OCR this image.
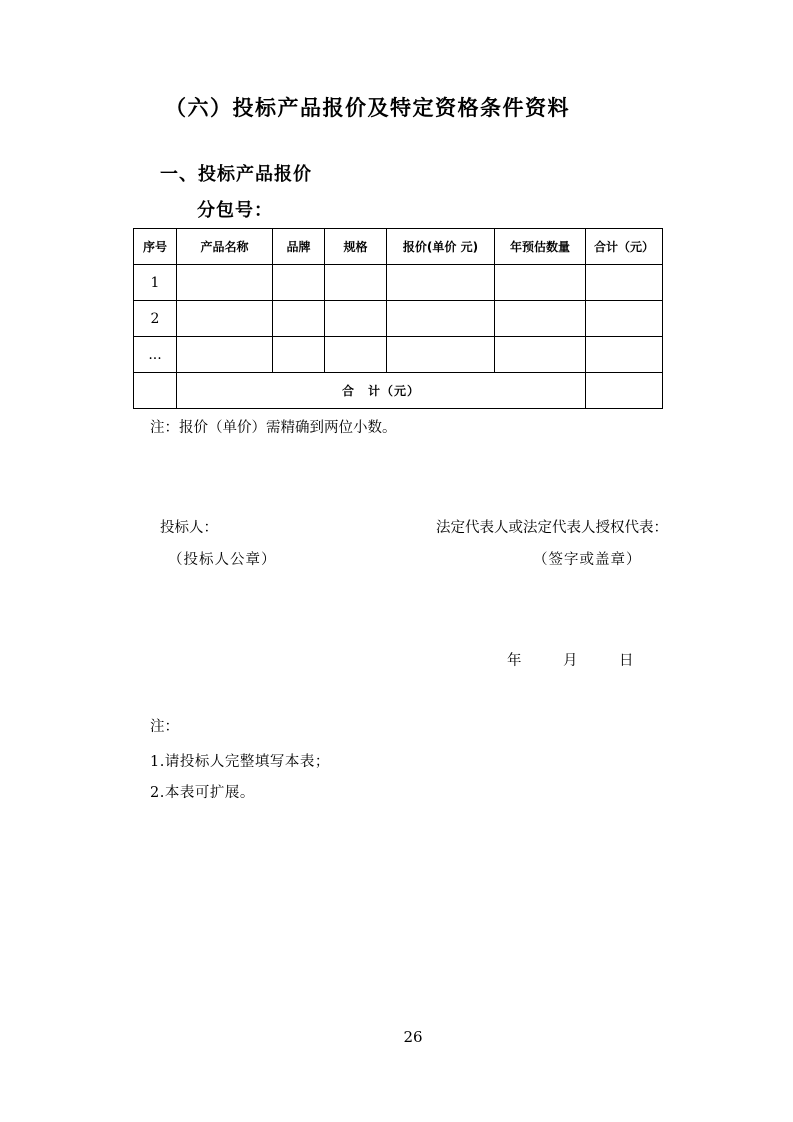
（六）投标产品报价及特定资格条件资料
一、投标产品报价
分包号：
序号	产品名称	品牌	规格	报价(单价 元)	年预估数量	合计（元）
1						
2						
...						
	合　计（元）					
注：报价（单价）需精确到两位小数。
投标人：
（投标人公章）
法定代表人或法定代表人授权代表：
（签字或盖章）
年	月	日
注：
1.请投标人完整填写本表；
2.本表可扩展。
26
